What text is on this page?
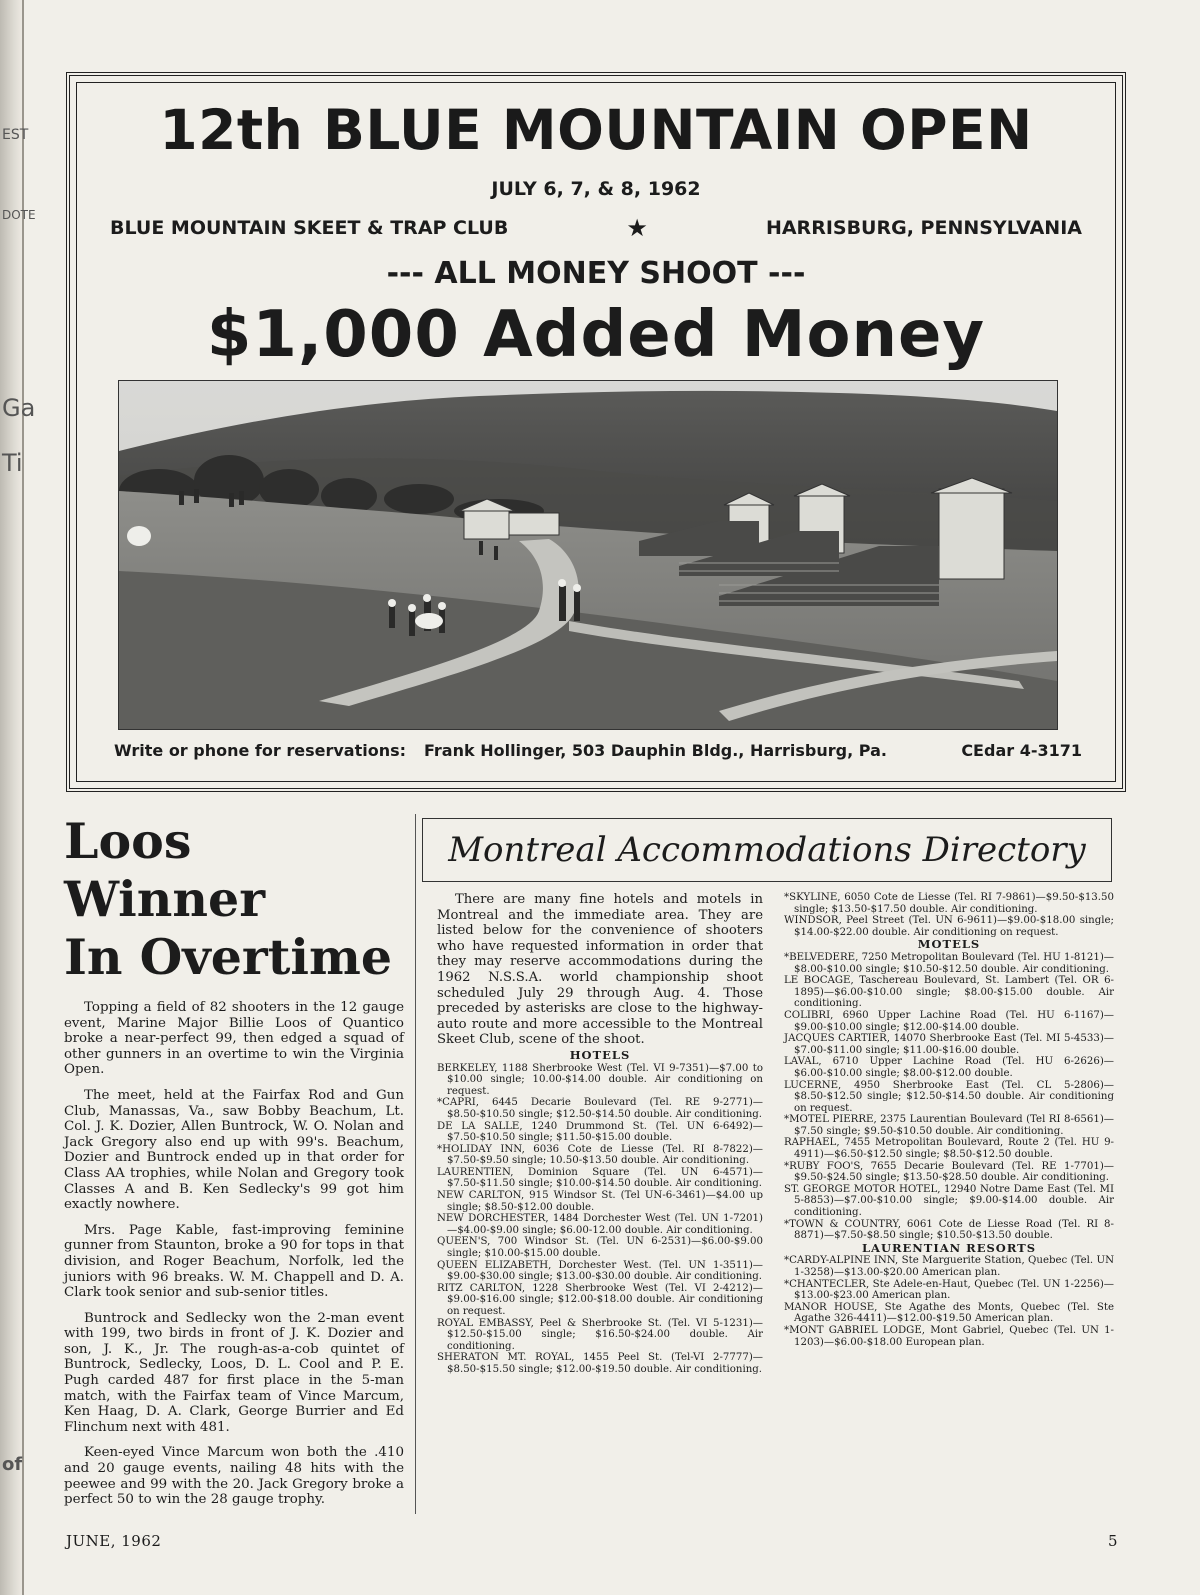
EST
DOTE
Ga
Ti
of
12th BLUE MOUNTAIN OPEN
JULY 6, 7, & 8, 1962
BLUE MOUNTAIN SKEET & TRAP CLUB	★	HARRISBURG, PENNSYLVANIA
--- ALL MONEY SHOOT ---
$1,000 Added Money
Write or phone for reservations: Frank Hollinger, 503 Dauphin Bldg., Harrisburg, Pa.	CEdar 4-3171
Loos Winner
In Overtime

Topping a field of 82 shooters in the 12 gauge event, Marine Major Billie Loos of Quantico broke a near-perfect 99, then edged a squad of other gunners in an overtime to win the Virginia Open.

The meet, held at the Fairfax Rod and Gun Club, Manassas, Va., saw Bobby Beachum, Lt. Col. J. K. Dozier, Allen Buntrock, W. O. Nolan and Jack Gregory also end up with 99's. Beachum, Dozier and Buntrock ended up in that order for Class AA trophies, while Nolan and Gregory took Classes A and B. Ken Sedlecky's 99 got him exactly nowhere.

Mrs. Page Kable, fast-improving feminine gunner from Staunton, broke a 90 for tops in that division, and Roger Beachum, Norfolk, led the juniors with 96 breaks. W. M. Chappell and D. A. Clark took senior and sub-senior titles.

Buntrock and Sedlecky won the 2-man event with 199, two birds in front of J. K. Dozier and son, J. K., Jr. The rough-as-a-cob quintet of Buntrock, Sedlecky, Loos, D. L. Cool and P. E. Pugh carded 487 for first place in the 5-man match, with the Fairfax team of Vince Marcum, Ken Haag, D. A. Clark, George Burrier and Ed Flinchum next with 481.

Keen-eyed Vince Marcum won both the .410 and 20 gauge events, nailing 48 hits with the peewee and 99 with the 20. Jack Gregory broke a perfect 50 to win the 28 gauge trophy.

Montreal Accommodations Directory

There are many fine hotels and motels in Montreal and the immediate area. They are listed below for the convenience of shooters who have requested information in order that they may reserve accommodations during the 1962 N.S.S.A. world championship shoot scheduled July 29 through Aug. 4. Those preceded by asterisks are close to the highway-auto route and more accessible to the Montreal Skeet Club, scene of the shoot.

HOTELS

BERKELEY, 1188 Sherbrooke West (Tel. VI 9-7351)—$7.00 to $10.00 single; 10.00-$14.00 double. Air conditioning on request.

*CAPRI, 6445 Decarie Boulevard (Tel. RE 9-2771)—$8.50-$10.50 single; $12.50-$14.50 double. Air conditioning.

DE LA SALLE, 1240 Drummond St. (Tel. UN 6-6492)—$7.50-$10.50 single; $11.50-$15.00 double.

*HOLIDAY INN, 6036 Cote de Liesse (Tel. RI 8-7822)—$7.50-$9.50 single; 10.50-$13.50 double. Air conditioning.

LAURENTIEN, Dominion Square (Tel. UN 6-4571)—$7.50-$11.50 single; $10.00-$14.50 double. Air conditioning.

NEW CARLTON, 915 Windsor St. (Tel UN-6-3461)—$4.00 up single; $8.50-$12.00 double.

NEW DORCHESTER, 1484 Dorchester West (Tel. UN 1-7201)—$4.00-$9.00 single; $6.00-12.00 double. Air conditioning.

QUEEN'S, 700 Windsor St. (Tel. UN 6-2531)—$6.00-$9.00 single; $10.00-$15.00 double.

QUEEN ELIZABETH, Dorchester West. (Tel. UN 1-3511)—$9.00-$30.00 single; $13.00-$30.00 double. Air conditioning.

RITZ CARLTON, 1228 Sherbrooke West (Tel. VI 2-4212)—$9.00-$16.00 single; $12.00-$18.00 double. Air conditioning on request.

ROYAL EMBASSY, Peel & Sherbrooke St. (Tel. VI 5-1231)—$12.50-$15.00 single; $16.50-$24.00 double. Air conditioning.

SHERATON MT. ROYAL, 1455 Peel St. (Tel-VI 2-7777)—$8.50-$15.50 single; $12.00-$19.50 double. Air conditioning.

*SKYLINE, 6050 Cote de Liesse (Tel. RI 7-9861)—$9.50-$13.50 single; $13.50-$17.50 double. Air conditioning.

WINDSOR, Peel Street (Tel. UN 6-9611)—$9.00-$18.00 single; $14.00-$22.00 double. Air conditioning on request.

MOTELS

*BELVEDERE, 7250 Metropolitan Boulevard (Tel. HU 1-8121)—$8.00-$10.00 single; $10.50-$12.50 double. Air conditioning.

LE BOCAGE, Taschereau Boulevard, St. Lambert (Tel. OR 6-1895)—$6.00-$10.00 single; $8.00-$15.00 double. Air conditioning.

COLIBRI, 6960 Upper Lachine Road (Tel. HU 6-1167)—$9.00-$10.00 single; $12.00-$14.00 double.

JACQUES CARTIER, 14070 Sherbrooke East (Tel. MI 5-4533)—$7.00-$11.00 single; $11.00-$16.00 double.

LAVAL, 6710 Upper Lachine Road (Tel. HU 6-2626)—$6.00-$10.00 single; $8.00-$12.00 double.

LUCERNE, 4950 Sherbrooke East (Tel. CL 5-2806)—$8.50-$12.50 single; $12.50-$14.50 double. Air conditioning on request.

*MOTEL PIERRE, 2375 Laurentian Boulevard (Tel RI 8-6561)—$7.50 single; $9.50-$10.50 double. Air conditioning.

RAPHAEL, 7455 Metropolitan Boulevard, Route 2 (Tel. HU 9-4911)—$6.50-$12.50 single; $8.50-$12.50 double.

*RUBY FOO'S, 7655 Decarie Boulevard (Tel. RE 1-7701)—$9.50-$24.50 single; $13.50-$28.50 double. Air conditioning.

ST. GEORGE MOTOR HOTEL, 12940 Notre Dame East (Tel. MI 5-8853)—$7.00-$10.00 single; $9.00-$14.00 double. Air conditioning.

*TOWN & COUNTRY, 6061 Cote de Liesse Road (Tel. RI 8-8871)—$7.50-$8.50 single; $10.50-$13.50 double.

LAURENTIAN RESORTS

*CARDY-ALPINE INN, Ste Marguerite Station, Quebec (Tel. UN 1-3258)—$13.00-$20.00 American plan.

*CHANTECLER, Ste Adele-en-Haut, Quebec (Tel. UN 1-2256)—$13.00-$23.00 American plan.

MANOR HOUSE, Ste Agathe des Monts, Quebec (Tel. Ste Agathe 326-4411)—$12.00-$19.50 American plan.

*MONT GABRIEL LODGE, Mont Gabriel, Quebec (Tel. UN 1-1203)—$6.00-$18.00 European plan.

JUNE, 1962	5
